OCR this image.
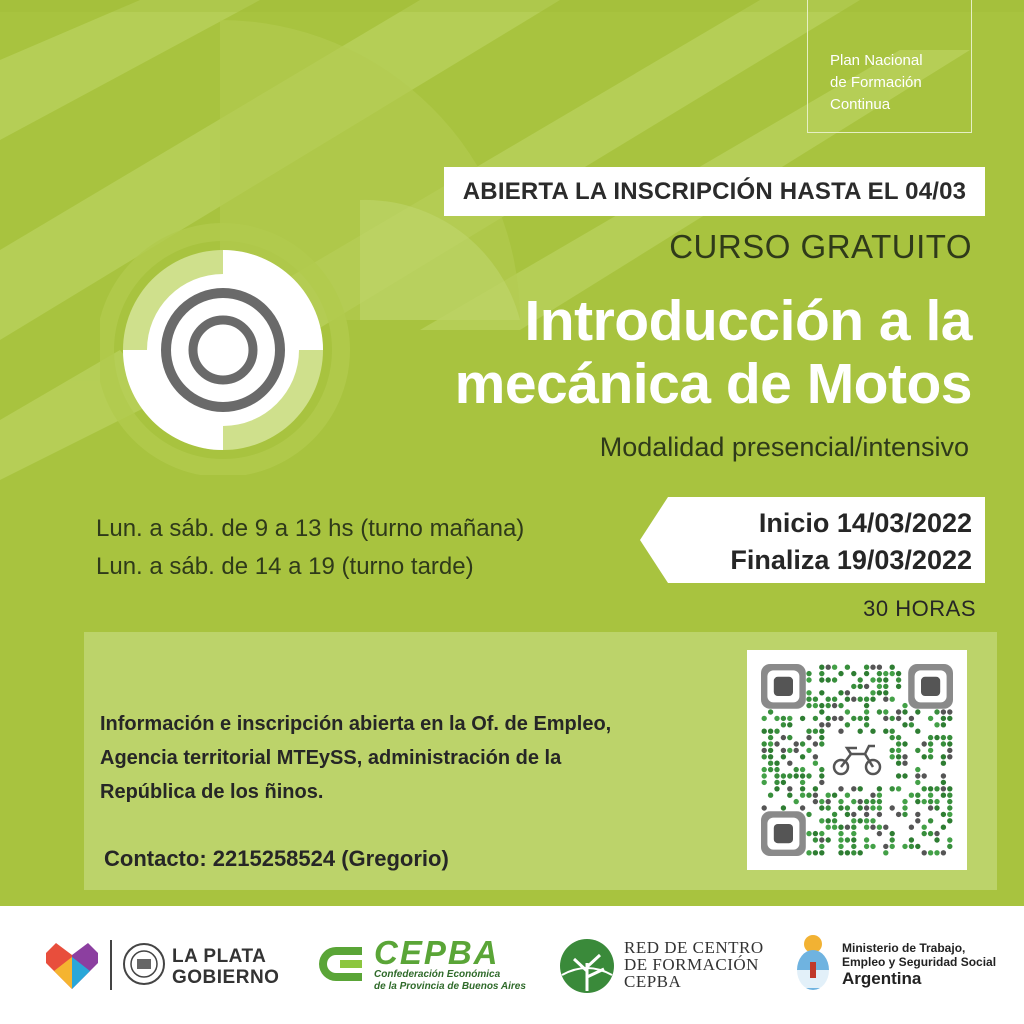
Plan Nacional
de Formación
Continua
ABIERTA LA INSCRIPCIÓN HASTA EL 04/03
CURSO GRATUITO
Introducción a la
mecánica de Motos
Modalidad presencial/intensivo
Lun. a sáb. de 9 a 13 hs (turno mañana)
Lun. a sáb. de 14 a 19 (turno tarde)
Inicio 14/03/2022
Finaliza 19/03/2022
30 HORAS
Información e inscripción abierta en la Of. de Empleo,
Agencia territorial MTEySS, administración de la
República de los ñinos.
Contacto: 2215258524 (Gregorio)
LA PLATA
GOBIERNO
CEPBA
Confederación Económica
de la Provincia de Buenos Aires
RED DE CENTRO
DE FORMACIÓN
CEPBA
Ministerio de Trabajo,
Empleo y Seguridad Social
Argentina
